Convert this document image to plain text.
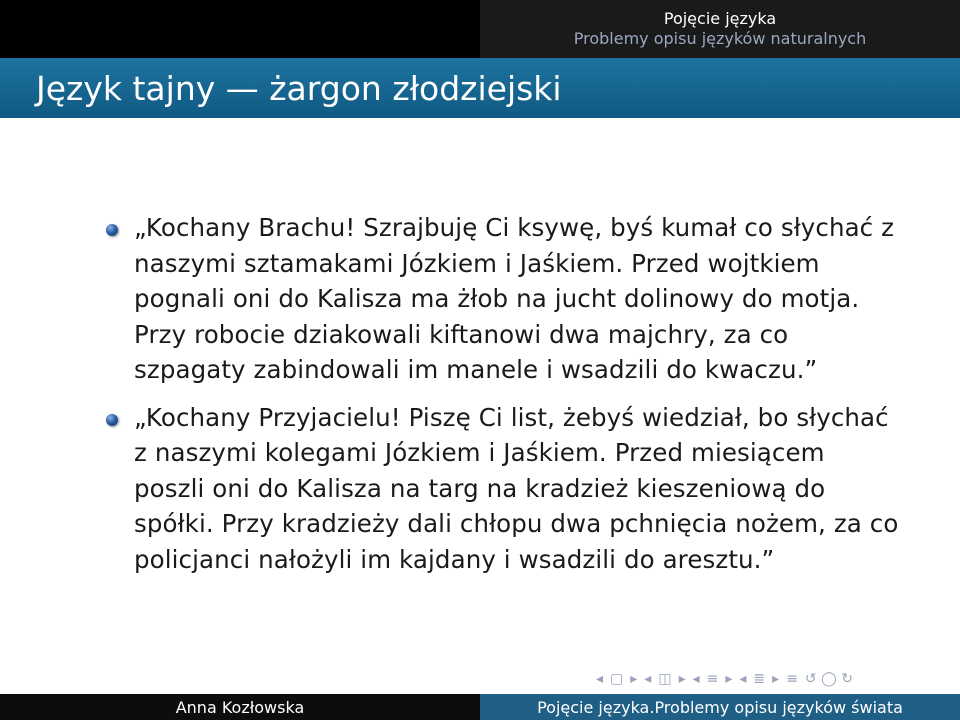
Pojęcie języka
Problemy opisu języków naturalnych
Język tajny — żargon złodziejski
„Kochany Brachu! Szrajbuję Ci ksywę, byś kumał co słychać z naszymi sztamakami Józkiem i Jaśkiem. Przed wojtkiem pognali oni do Kalisza ma żłob na jucht dolinowy do motja. Przy robocie dziakowali kiftanowi dwa majchry, za co szpagaty zabindowali im manele i wsadzili do kwaczu.”
„Kochany Przyjacielu! Piszę Ci list, żebyś wiedział, bo słychać z naszymi kolegami Józkiem i Jaśkiem. Przed miesiącem poszli oni do Kalisza na targ na kradzież kieszeniową do spółki. Przy kradzieży dali chłopu dwa pchnięcia nożem, za co policjanci nałożyli im kajdany i wsadzili do aresztu.”
◂ ▢ ▸ ◂ ◫ ▸ ◂ ≡ ▸ ◂ ≣ ▸ ≡ ↺ ◯ ↻
Anna Kozłowska	Pojęcie języka.Problemy opisu języków świata
